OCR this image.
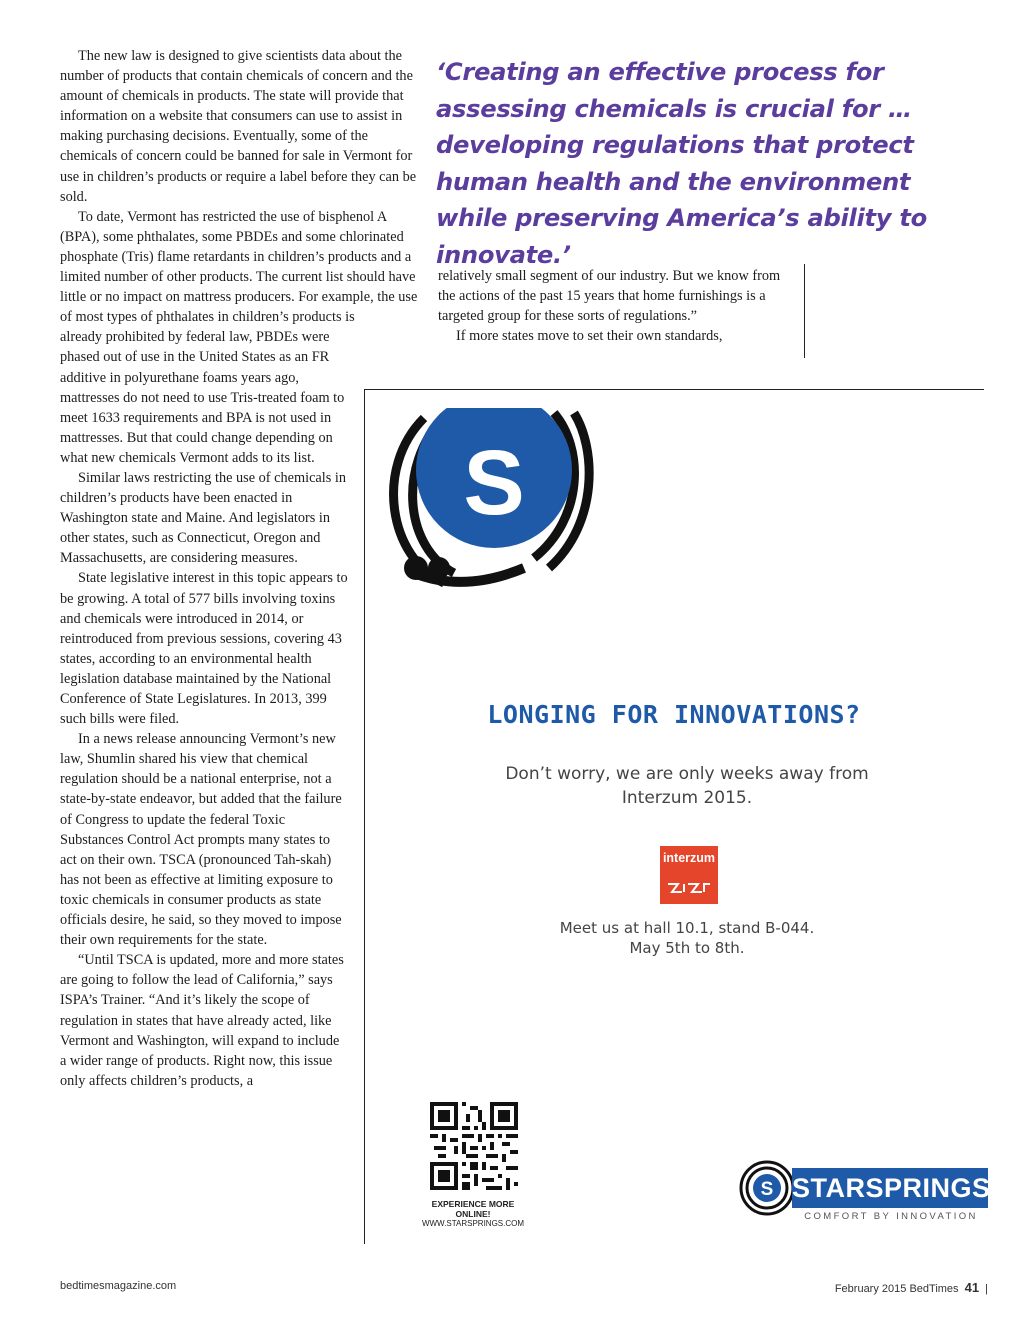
The new law is designed to give scientists data about the number of products that contain chemicals of concern and the amount of chemicals in products. The state will provide that information on a website that consumers can use to assist in making purchasing decisions. Eventually, some of the chemicals of concern could be banned for sale in Vermont for use in children’s products or require a label before they can be sold.

To date, Vermont has restricted the use of bisphenol A (BPA), some phthalates, some PBDEs and some chlorinated phosphate (Tris) flame retardants in children’s products and a limited number of other products. The current list should have little or no impact on mattress producers. For example, the use of most types of phthalates in children’s products is

already prohibited by federal law, PBDEs were phased out of use in the United States as an FR additive in polyurethane foams years ago, mattresses do not need to use Tris-treated foam to meet 1633 requirements and BPA is not used in mattresses. But that could change depending on what new chemicals Vermont adds to its list.

Similar laws restricting the use of chemicals in children’s products have been enacted in Washington state and Maine. And legislators in other states, such as Connecticut, Oregon and Massachusetts, are considering measures.

State legislative interest in this topic appears to be growing. A total of 577 bills involving toxins and chemicals were introduced in 2014, or reintroduced from previous sessions, covering 43 states, according to an environmental health legislation database maintained by the National Conference of State Legislatures. In 2013, 399 such bills were filed.

In a news release announcing Vermont’s new law, Shumlin shared his view that chemical regulation should be a national enterprise, not a state-by-state endeavor, but added that the failure of Congress to update the federal Toxic Substances Control Act prompts many states to act on their own. TSCA (pronounced Tah-skah) has not been as effective at limiting exposure to toxic chemicals in consumer products as state officials desire, he said, so they moved to impose their own requirements for the state.

“Until TSCA is updated, more and more states are going to follow the lead of California,” says ISPA’s Trainer. “And it’s likely the scope of regulation in states that have already acted, like Vermont and Washington, will expand to include a wider range of products. Right now, this issue only affects children’s products, a

‘Creating an effective process for assessing chemicals is crucial for … developing regulations that protect human health and the environment while preserving America’s ability to innovate.’

relatively small segment of our industry. But we know from the actions of the past 15 years that home furnishings is a targeted group for these sorts of regulations.”

If more states move to set their own standards,

S
LONGING FOR INNOVATIONS?
Don’t worry, we are only weeks away from
Interzum 2015.
interzum
Meet us at hall 10.1, stand B-044.
May 5th to 8th.
EXPERIENCE MORE
ONLINE!
WWW.STARSPRINGS.COM
S STARSPRINGS
COMFORT BY INNOVATION
bedtimesmagazine.com	February 2015 BedTimes 41 |
